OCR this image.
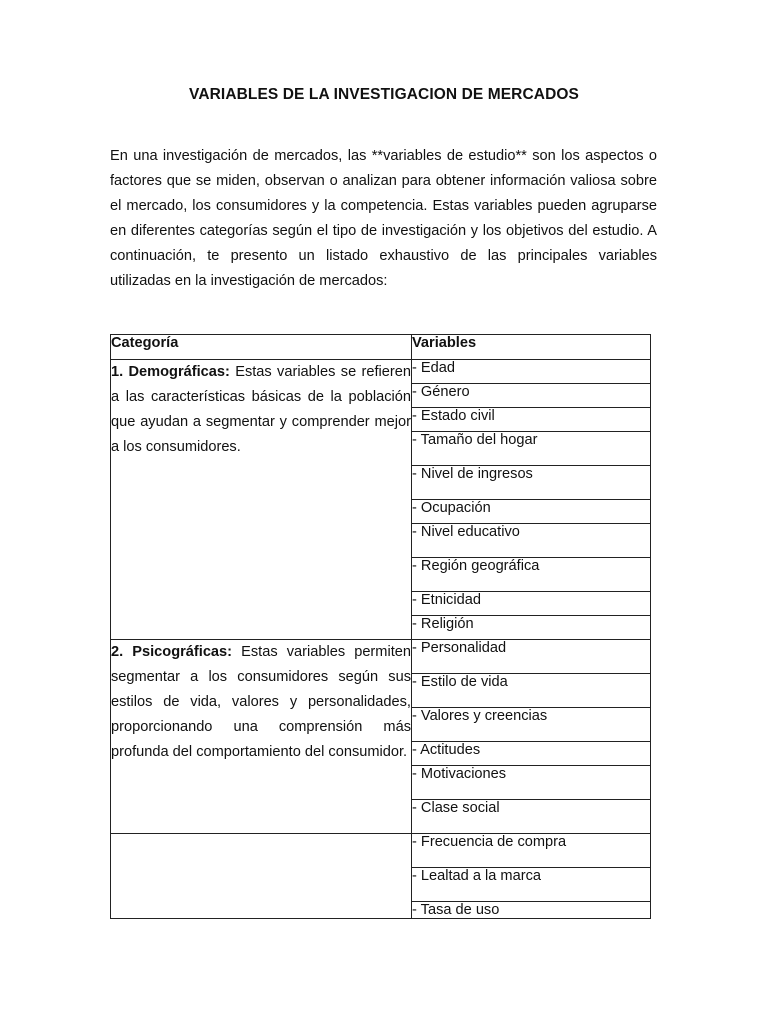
VARIABLES DE LA INVESTIGACION DE MERCADOS

En una investigación de mercados, las **variables de estudio** son los aspectos o factores que se miden, observan o analizan para obtener información valiosa sobre el mercado, los consumidores y la competencia. Estas variables pueden agruparse en diferentes categorías según el tipo de investigación y los objetivos del estudio. A continuación, te presento un listado exhaustivo de las principales variables utilizadas en la investigación de mercados:

Categoría	Variables
1. Demográficas: Estas variables se refieren a las características básicas de la población que ayudan a segmentar y comprender mejor a los consumidores.	- Edad
	- Género
	- Estado civil
	- Tamaño del hogar
	- Nivel de ingresos
	- Ocupación
	- Nivel educativo
	- Región geográfica
	- Etnicidad
	- Religión
2. Psicográficas: Estas variables permiten segmentar a los consumidores según sus estilos de vida, valores y personalidades, proporcionando una comprensión más profunda del comportamiento del consumidor.	- Personalidad
	- Estilo de vida
	- Valores y creencias
	- Actitudes
	- Motivaciones
	- Clase social
	- Frecuencia de compra
	- Lealtad a la marca
	- Tasa de uso
